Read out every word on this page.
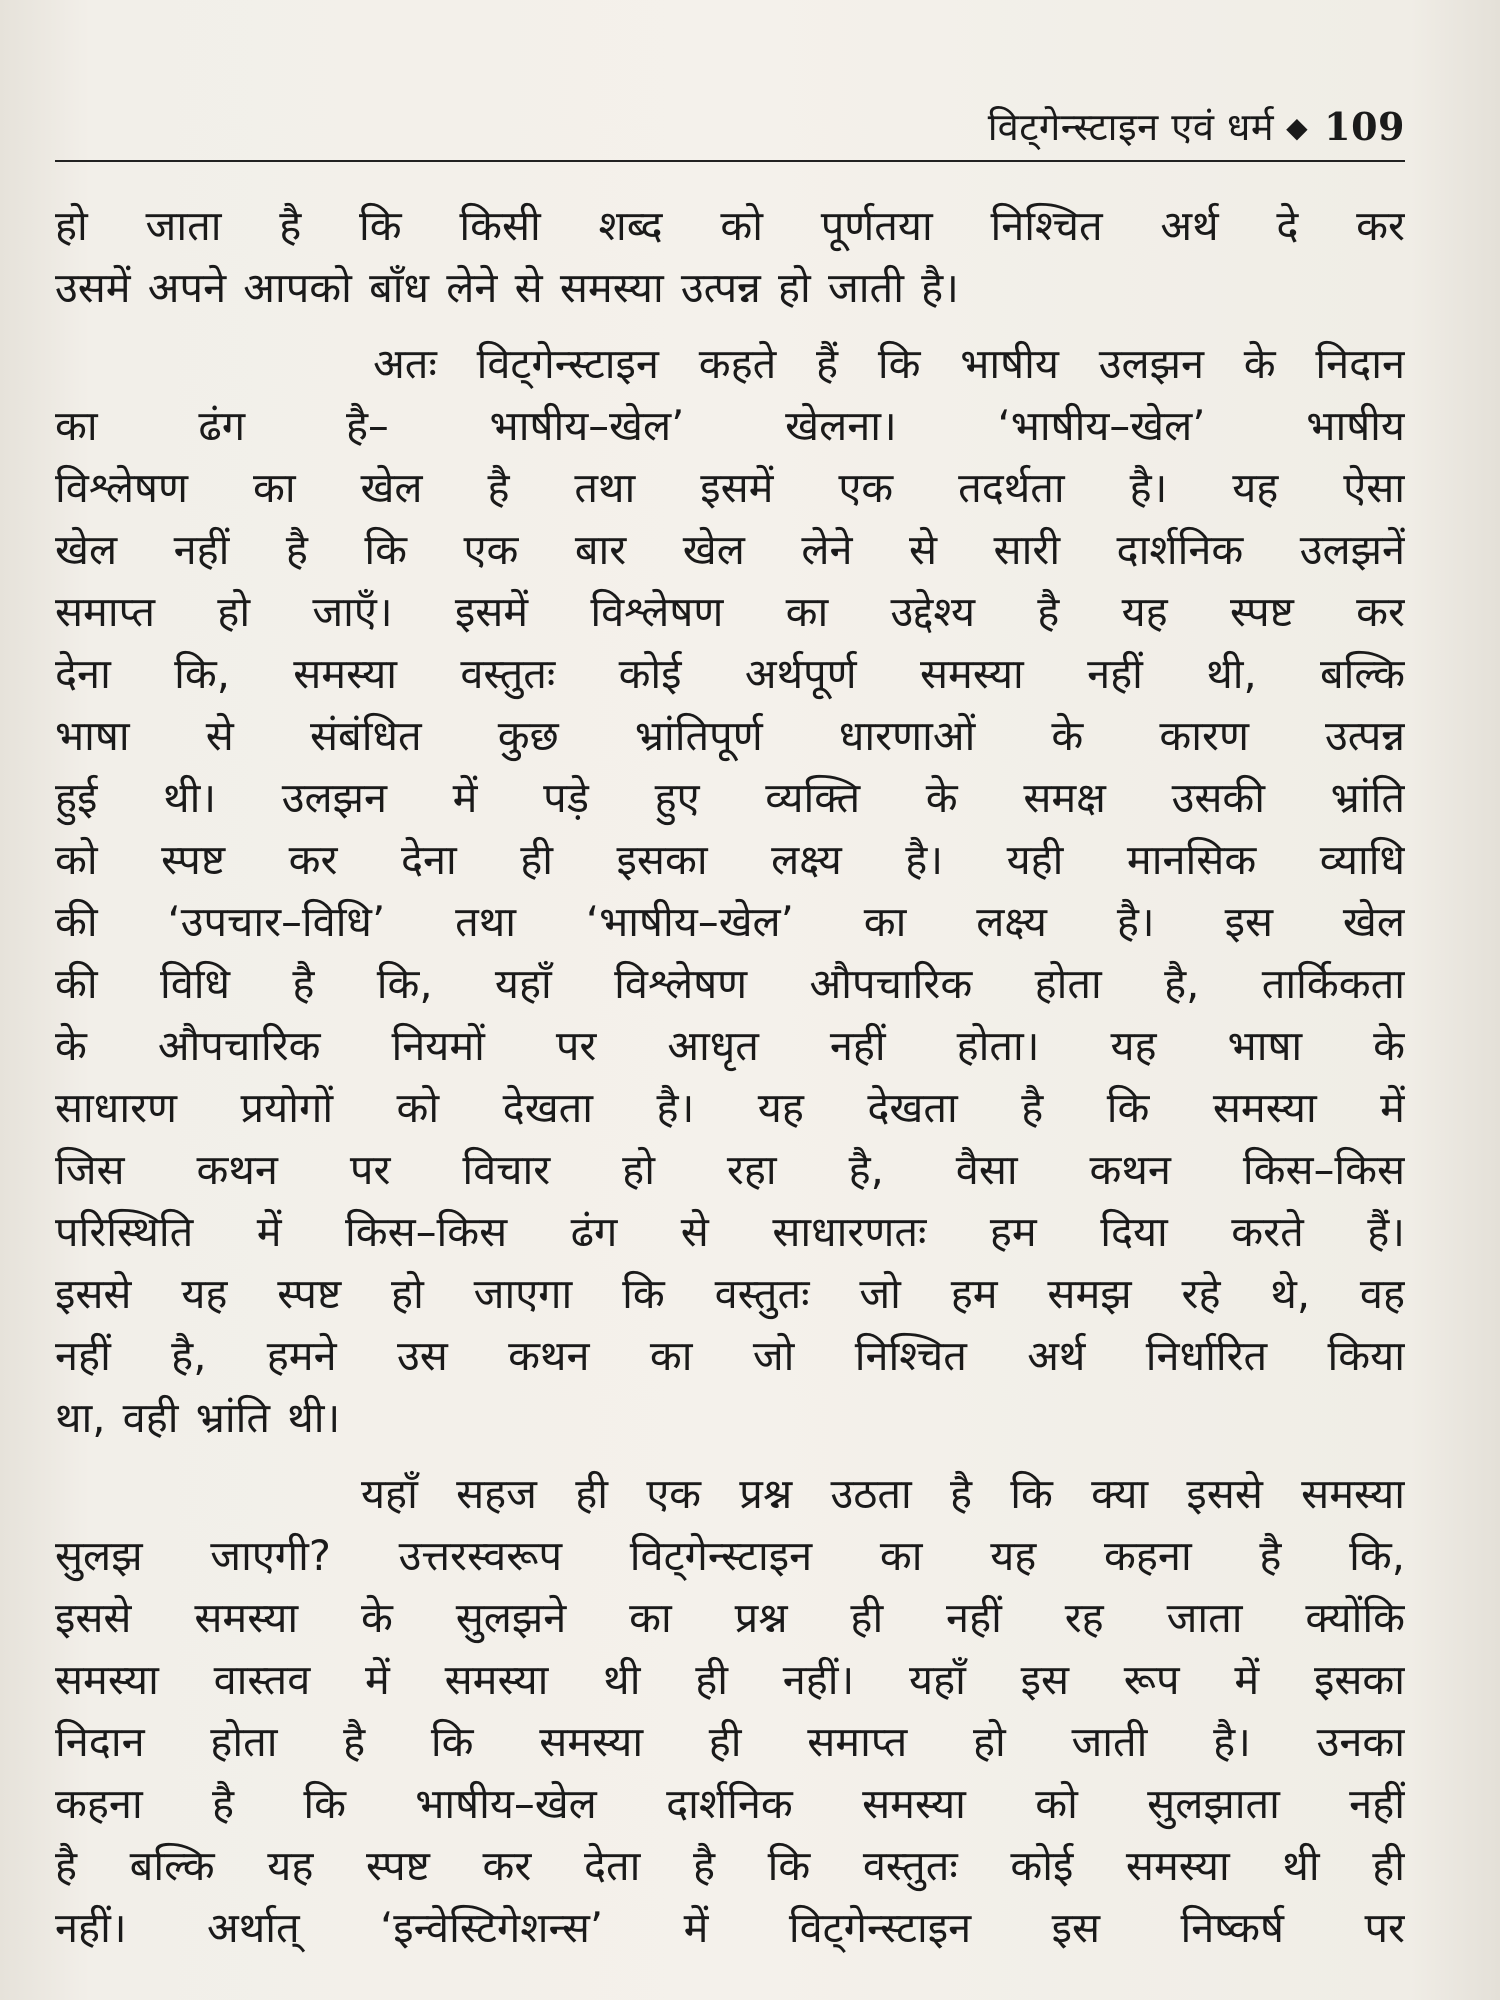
विट्गेन्स्टाइन एवं धर्म ◆ 109
हो जाता है कि किसी शब्द को पूर्णतया निश्चित अर्थ दे कर
उसमें अपने आपको बाँध लेने से समस्या उत्पन्न हो जाती है।
अतः विट्गेन्स्टाइन कहते हैं कि भाषीय उलझन के निदान
का ढंग है– भाषीय–खेल’ खेलना। ‘भाषीय–खेल’ भाषीय
विश्लेषण का खेल है तथा इसमें एक तदर्थता है। यह ऐसा
खेल नहीं है कि एक बार खेल लेने से सारी दार्शनिक उलझनें
समाप्त हो जाएँ। इसमें विश्लेषण का उद्देश्य है यह स्पष्ट कर
देना कि, समस्या वस्तुतः कोई अर्थपूर्ण समस्या नहीं थी, बल्कि
भाषा से संबंधित कुछ भ्रांतिपूर्ण धारणाओं के कारण उत्पन्न
हुई थी। उलझन में पड़े हुए व्यक्ति के समक्ष उसकी भ्रांति
को स्पष्ट कर देना ही इसका लक्ष्य है। यही मानसिक व्याधि
की ‘उपचार–विधि’ तथा ‘भाषीय–खेल’ का लक्ष्य है। इस खेल
की विधि है कि, यहाँ विश्लेषण औपचारिक होता है, तार्किकता
के औपचारिक नियमों पर आधृत नहीं होता। यह भाषा के
साधारण प्रयोगों को देखता है। यह देखता है कि समस्या में
जिस कथन पर विचार हो रहा है, वैसा कथन किस–किस
परिस्थिति में किस–किस ढंग से साधारणतः हम दिया करते हैं।
इससे यह स्पष्ट हो जाएगा कि वस्तुतः जो हम समझ रहे थे, वह
नहीं है, हमने उस कथन का जो निश्चित अर्थ निर्धारित किया
था, वही भ्रांति थी।
यहाँ सहज ही एक प्रश्न उठता है कि क्या इससे समस्या
सुलझ जाएगी? उत्तरस्वरूप विट्गेन्स्टाइन का यह कहना है कि,
इससे समस्या के सुलझने का प्रश्न ही नहीं रह जाता क्योंकि
समस्या वास्तव में समस्या थी ही नहीं। यहाँ इस रूप में इसका
निदान होता है कि समस्या ही समाप्त हो जाती है। उनका
कहना है कि भाषीय–खेल दार्शनिक समस्या को सुलझाता नहीं
है बल्कि यह स्पष्ट कर देता है कि वस्तुतः कोई समस्या थी ही
नहीं। अर्थात् ‘इन्वेस्टिगेशन्स’ में विट्गेन्स्टाइन इस निष्कर्ष पर
